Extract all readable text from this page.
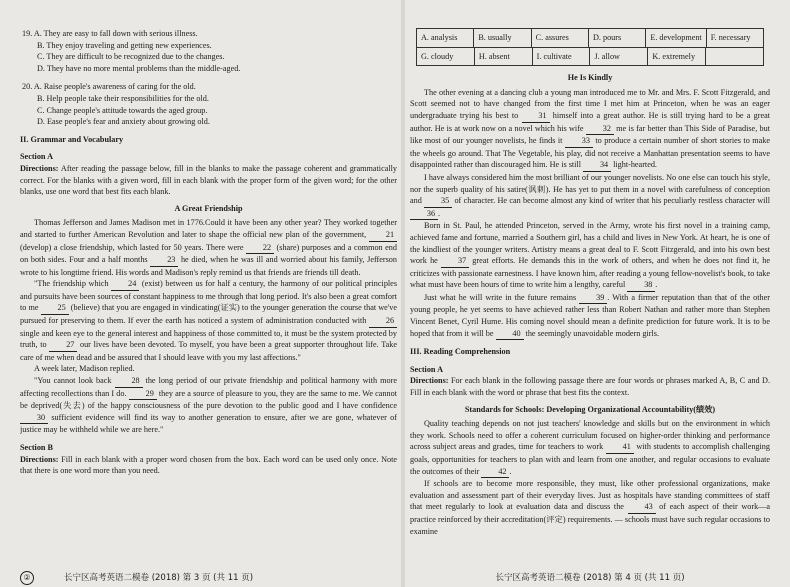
19. A. They are easy to fall down with serious illness.

B. They enjoy traveling and getting new experiences.

C. They are difficult to be recognized due to the changes.

D. They have no more mental problems than the middle-aged.

20. A. Raise people's awareness of caring for the old.

B. Help people take their responsibilities for the old.

C. Change people's attitude towards the aged group.

D. Ease people's fear and anxiety about growing old.

II. Grammar and Vocabulary

Section A

Directions: After reading the passage below, fill in the blanks to make the passage coherent and grammatically correct. For the blanks with a given word, fill in each blank with the proper form of the given word; for the other blanks, use one word that best fits each blank.

A Great Friendship

Thomas Jefferson and James Madison met in 1776.Could it have been any other year? They worked together and started to further American Revolution and later to shape the official new plan of the government, 21 (develop) a close friendship, which lasted for 50 years. There were 22 (share) purposes and a common end on both sides. Four and a half months 23 he died, when he was ill and worried about his family, Jefferson wrote to his longtime friend. His words and Madison's reply remind us that friends are friends till death.

"The friendship which 24 (exist) between us for half a century, the harmony of our political principles and pursuits have been sources of constant happiness to me through that long period. It's also been a great comfort to me 25 (believe) that you are engaged in vindicating(证实) to the younger generation the course that we've pursued for preserving to them. If ever the earth has noticed a system of administration conducted with 26 single and keen eye to the general interest and happiness of those committed to, it must be the system protected by truth, to 27 our lives have been devoted. To myself, you have been a great supporter throughout life. Take care of me when dead and be assured that I should leave with you my last affections."

A week later, Madison replied.

"You cannot look back 28 the long period of our private friendship and political harmony with more affecting recollections than I do. 29 they are a source of pleasure to you, they are the same to me. We cannot be deprived(失去) of the happy consciousness of the pure devotion to the public good and I have confidence 30 sufficient evidence will find its way to another generation to ensure, after we are gone, whatever of justice may be withheld while we are here."

Section B

Directions: Fill in each blank with a proper word chosen from the box. Each word can be used only once. Note that there is one word more than you need.

②	长宁区高考英语二模卷 (2018) 第 3 页 (共 11 页)
A. analysis	B. usually	C. assures	D. pours	E. development	F. necessary
G. cloudy	H. absent	I. cultivate	J. allow	K. extremely

He Is Kindly

The other evening at a dancing club a young man introduced me to Mr. and Mrs. F. Scott Fitzgerald, and Scott seemed not to have changed from the first time I met him at Princeton, when he was an eager undergraduate trying his best to 31 himself into a great author. He is still trying hard to be a great author. He is at work now on a novel which his wife 32 me is far better than This Side of Paradise, but like most of our younger novelists, he finds it 33 to produce a certain number of short stories to make the wheels go around. That The Vegetable, his play, did not receive a Manhattan presentation seems to have disappointed rather than discouraged him. He is still 34 light-hearted.

I have always considered him the most brilliant of our younger novelists. No one else can touch his style, nor the superb quality of his satire(讽刺). He has yet to put them in a novel with carefulness of conception and 35 of character. He can become almost any kind of writer that his peculiarly restless character will 36 .

Born in St. Paul, he attended Princeton, served in the Army, wrote his first novel in a training camp, achieved fame and fortune, married a Southern girl, has a child and lives in New York. At heart, he is one of the kindliest of the younger writers. Artistry means a great deal to F. Scott Fitzgerald, and into his own best work he 37 great efforts. He demands this in the work of others, and when he does not find it, he criticizes with passionate earnestness. I have known him, after reading a young fellow-novelist's book, to take what must have been hours of time to write him a lengthy, careful 38 .

Just what he will write in the future remains 39 . With a firmer reputation than that of the other young people, he yet seems to have achieved rather less than Robert Nathan and rather more than Stephen Vincent Benet, Cyril Hume. His coming novel should mean a definite prediction for future work. It is to be hoped that from it will be 40 the seemingly unavoidable modern girls.

III. Reading Comprehension

Section A

Directions: For each blank in the following passage there are four words or phrases marked A, B, C and D. Fill in each blank with the word or phrase that best fits the context.

Standards for Schools: Developing Organizational Accountability(绩效)

Quality teaching depends on not just teachers' knowledge and skills but on the environment in which they work. Schools need to offer a coherent curriculum focused on higher-order thinking and performance across subject areas and grades, time for teachers to work 41 with students to accomplish challenging goals, opportunities for teachers to plan with and learn from one another, and regular occasions to evaluate the outcomes of their 42 .

If schools are to become more responsible, they must, like other professional organizations, make evaluation and assessment part of their everyday lives. Just as hospitals have standing committees of staff that meet regularly to look at evaluation data and discuss the 43 of each aspect of their work—a practice reinforced by their accreditation(评定) requirements. — schools must have such regular occasions to examine

长宁区高考英语二模卷 (2018) 第 4 页 (共 11 页)
